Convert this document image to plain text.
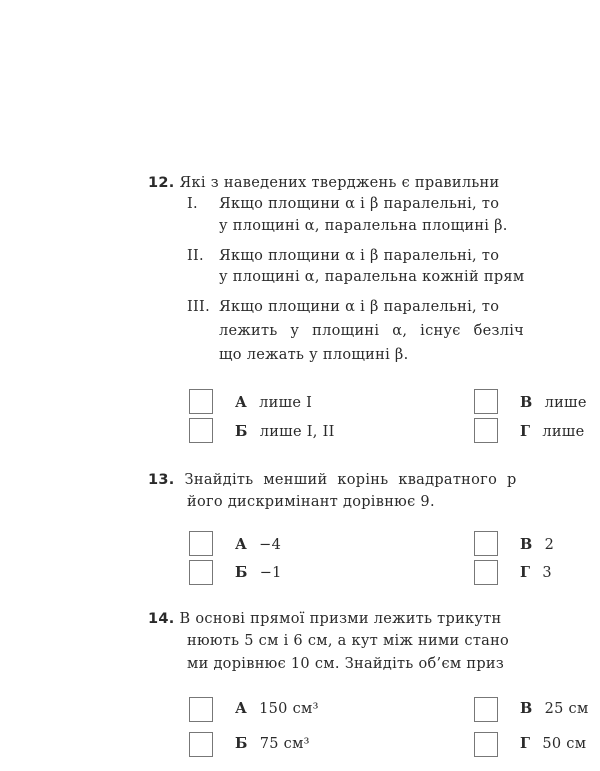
12. Які з наведених тверджень є правильни
I. Якщо площини α і β паралельні, то
у площині α, паралельна площині β.
II. Якщо площини α і β паралельні, то
у площині α, паралельна кожній прям
III. Якщо площини α і β паралельні, то
лежить у площині α, існує безліч
що лежать у площині β.
А лише І
Б лише І, ІІ
В лише
Г лише
13. Знайдіть менший корінь квадратного р
його дискримінант дорівнює 9.
А −4
Б −1
В 2
Г 3
14. В основі прямої призми лежить трикутн
нюють 5 см і 6 см, а кут між ними стано
ми дорівнює 10 см. Знайдіть об’єм приз
А 150 см³
Б 75 см³
В 25 см
Г 50 см
